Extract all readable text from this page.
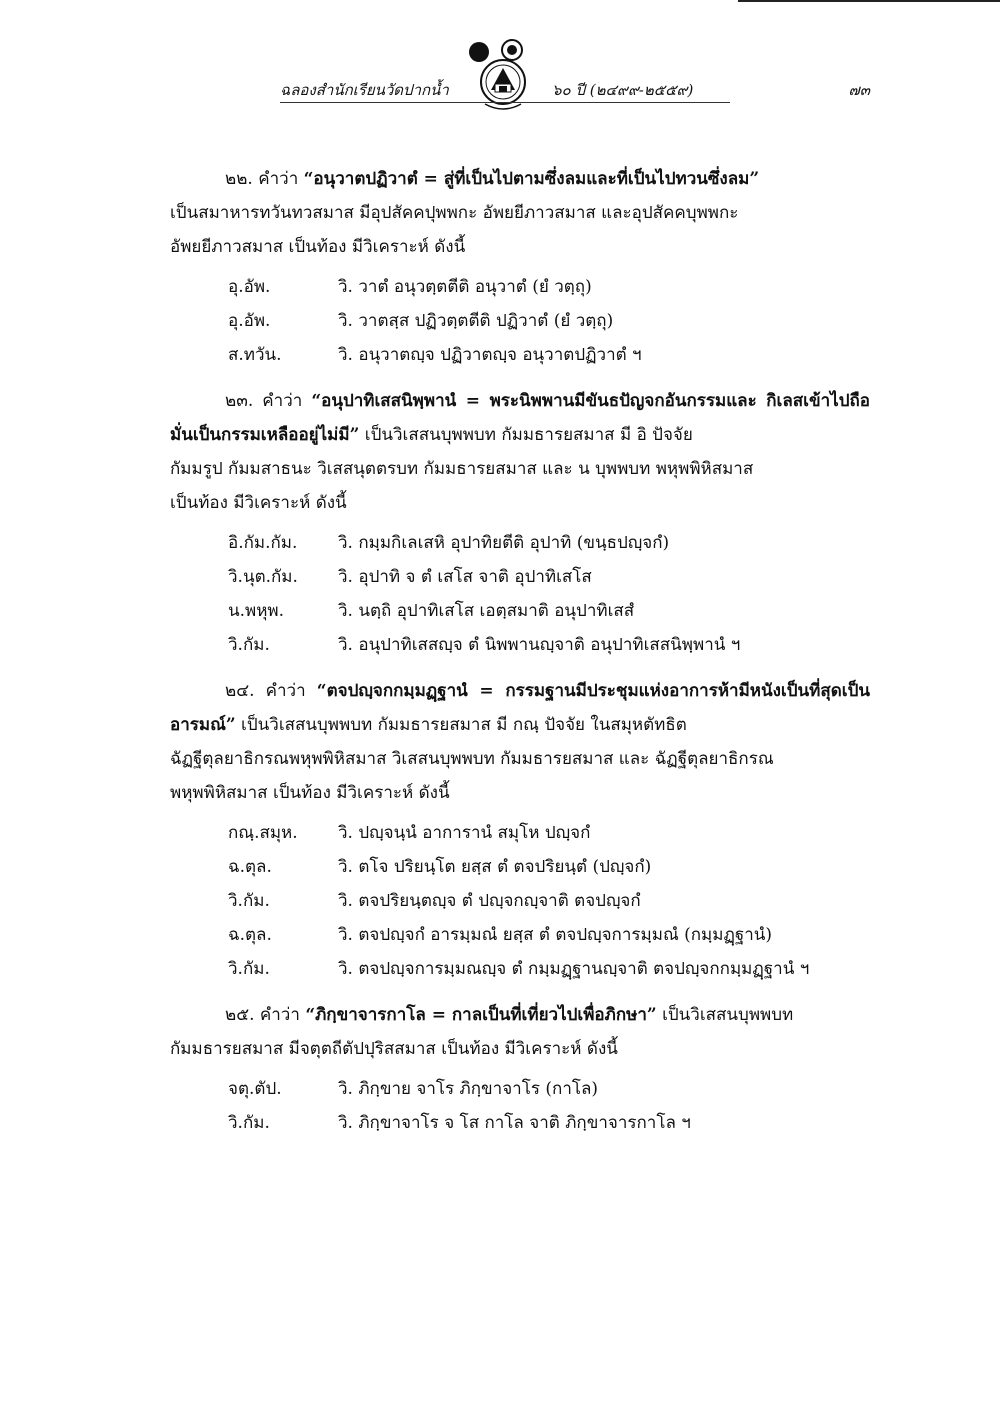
ฉลองสำนักเรียนวัดปากน้ำ	๖๐ ปี (๒๔๙๙-๒๕๕๙)	๗๓

๒๒. คำว่า “อนุวาตปฏิวาตํ = สู่ที่เป็นไปตามซึ่งลมและที่เป็นไปทวนซึ่งลม”

เป็นสมาหารทวันทวสมาส มีอุปสัคคปุพพกะ อัพยยีภาวสมาส และอุปสัคคบุพพกะ

อัพยยีภาวสมาส เป็นท้อง มีวิเคราะห์ ดังนี้

อุ.อัพ.	วิ. วาตํ อนุวตฺตตีติ อนุวาตํ (ยํ วตฺถุ)
อุ.อัพ.	วิ. วาตสฺส ปฏิวตฺตตีติ ปฏิวาตํ (ยํ วตฺถุ)
ส.ทวัน.	วิ. อนุวาตญฺจ ปฏิวาตญฺจ อนุวาตปฏิวาตํ ฯ

๒๓. คำว่า “อนุปาทิเสสนิพฺพานํ = พระนิพพานมีขันธปัญจกอันกรรมและ กิเลสเข้าไปถือมั่นเป็นกรรมเหลืออยู่ไม่มี” เป็นวิเสสนบุพพบท กัมมธารยสมาส มี อิ ปัจจัย

กัมมรูป กัมมสาธนะ วิเสสนุตตรบท กัมมธารยสมาส และ น บุพพบท พหุพพิหิสมาส

เป็นท้อง มีวิเคราะห์ ดังนี้

อิ.กัม.กัม.	วิ. กมฺมกิเลเสหิ อุปาทิยตีติ อุปาทิ (ขนฺธปญฺจกํ)
วิ.นุต.กัม.	วิ. อุปาทิ จ ตํ เสโส จาติ อุปาทิเสโส
น.พหุพ.	วิ. นตฺถิ อุปาทิเสโส เอตฺสมาติ อนุปาทิเสสํ
วิ.กัม.	วิ. อนุปาทิเสสญฺจ ตํ นิพพานญฺจาติ อนุปาทิเสสนิพฺพานํ ฯ

๒๔. คำว่า “ตจปญฺจกกมฺมฏฺฐานํ = กรรมฐานมีประชุมแห่งอาการห้ามีหนังเป็นที่สุดเป็นอารมณ์” เป็นวิเสสนบุพพบท กัมมธารยสมาส มี กณฺ ปัจจัย ในสมุหตัทธิต

ฉัฏฐีตุลยาธิกรณพหุพพิหิสมาส วิเสสนบุพพบท กัมมธารยสมาส และ ฉัฏฐีตุลยาธิกรณ

พหุพพิหิสมาส เป็นท้อง มีวิเคราะห์ ดังนี้

กณฺ.สมุห.	วิ. ปญฺจนฺนํ อาการานํ สมุโห ปญฺจกํ
ฉ.ตุล.	วิ. ตโจ ปริยนฺโต ยสฺส ตํ ตจปริยนฺตํ (ปญฺจกํ)
วิ.กัม.	วิ. ตจปริยนฺตญฺจ ตํ ปญฺจกญฺจาติ ตจปญฺจกํ
ฉ.ตุล.	วิ. ตจปญฺจกํ อารมฺมณํ ยสฺส ตํ ตจปญฺจการมฺมณํ (กมฺมฏฺฐานํ)
วิ.กัม.	วิ. ตจปญฺจการมฺมณญฺจ ตํ กมฺมฏฺฐานญฺจาติ ตจปญฺจกกมฺมฏฺฐานํ ฯ

๒๕. คำว่า “ภิกฺขาจารกาโล = กาลเป็นที่เที่ยวไปเพื่อภิกษา” เป็นวิเสสนบุพพบท

กัมมธารยสมาส มีจตุตถีตัปปุริสสมาส เป็นท้อง มีวิเคราะห์ ดังนี้

จตุ.ตัป.	วิ. ภิกฺขาย จาโร ภิกฺขาจาโร (กาโล)
วิ.กัม.	วิ. ภิกฺขาจาโร จ โส กาโล จาติ ภิกฺขาจารกาโล ฯ
